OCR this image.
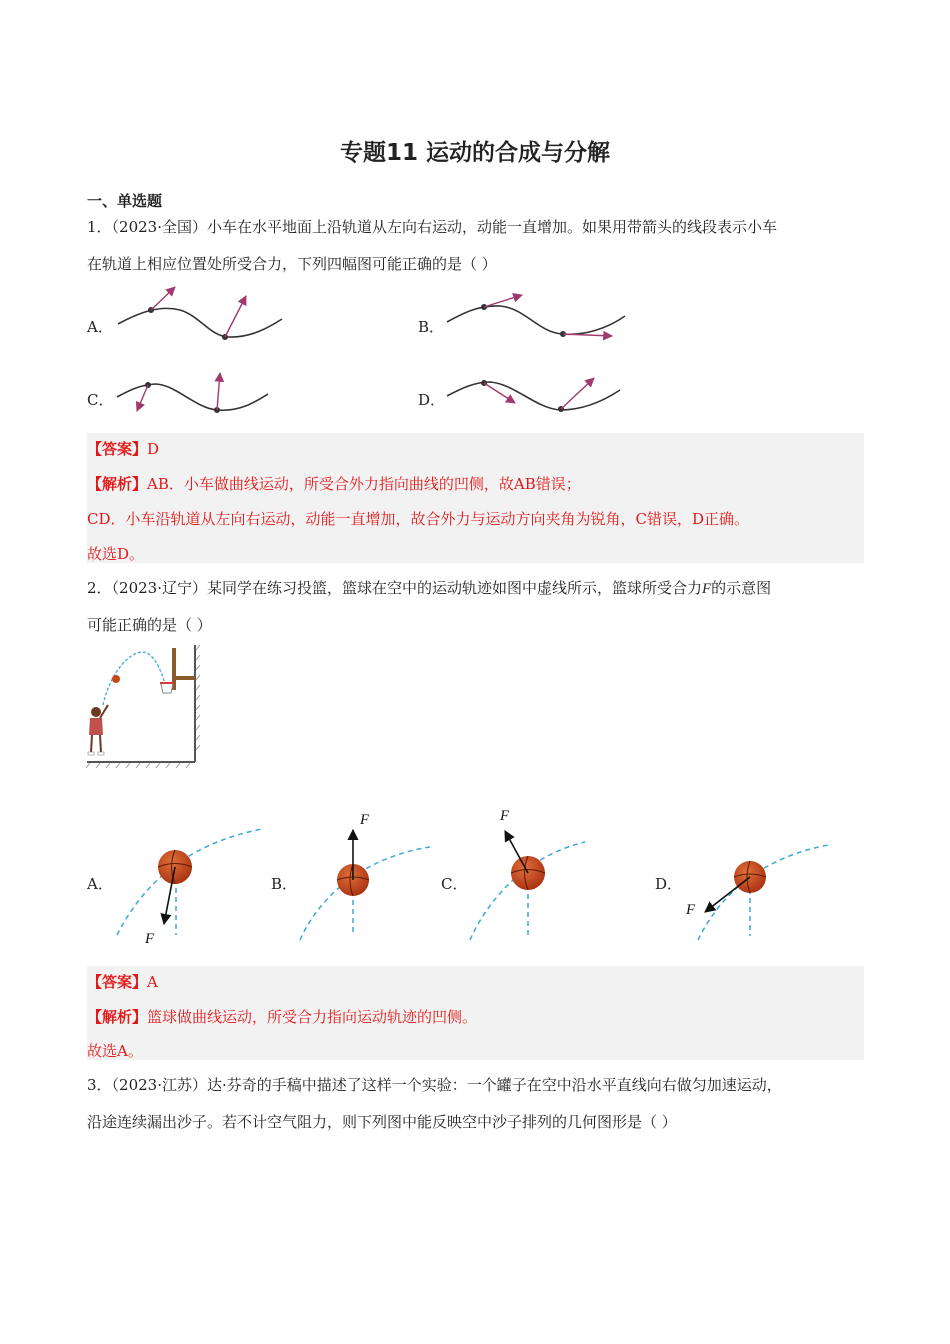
专题11 运动的合成与分解
一、单选题
1．（2023·全国）小车在水平地面上沿轨道从左向右运动，动能一直增加。如果用带箭头的线段表示小车
在轨道上相应位置处所受合力，下列四幅图可能正确的是（ ）
A．	B．
C．	D．
【答案】D
【解析】AB．小车做曲线运动，所受合外力指向曲线的凹侧，故AB错误；
CD．小车沿轨道从左向右运动，动能一直增加，故合外力与运动方向夹角为锐角，C错误，D正确。
故选D。
2．（2023·辽宁）某同学在练习投篮，篮球在空中的运动轨迹如图中虚线所示，篮球所受合力F的示意图
可能正确的是（ ）
A．	B．	C．	D．
F
F	F
F
【答案】A
【解析】篮球做曲线运动，所受合力指向运动轨迹的凹侧。
故选A。
3．（2023·江苏）达·芬奇的手稿中描述了这样一个实验：一个罐子在空中沿水平直线向右做匀加速运动，
沿途连续漏出沙子。若不计空气阻力，则下列图中能反映空中沙子排列的几何图形是（ ）
